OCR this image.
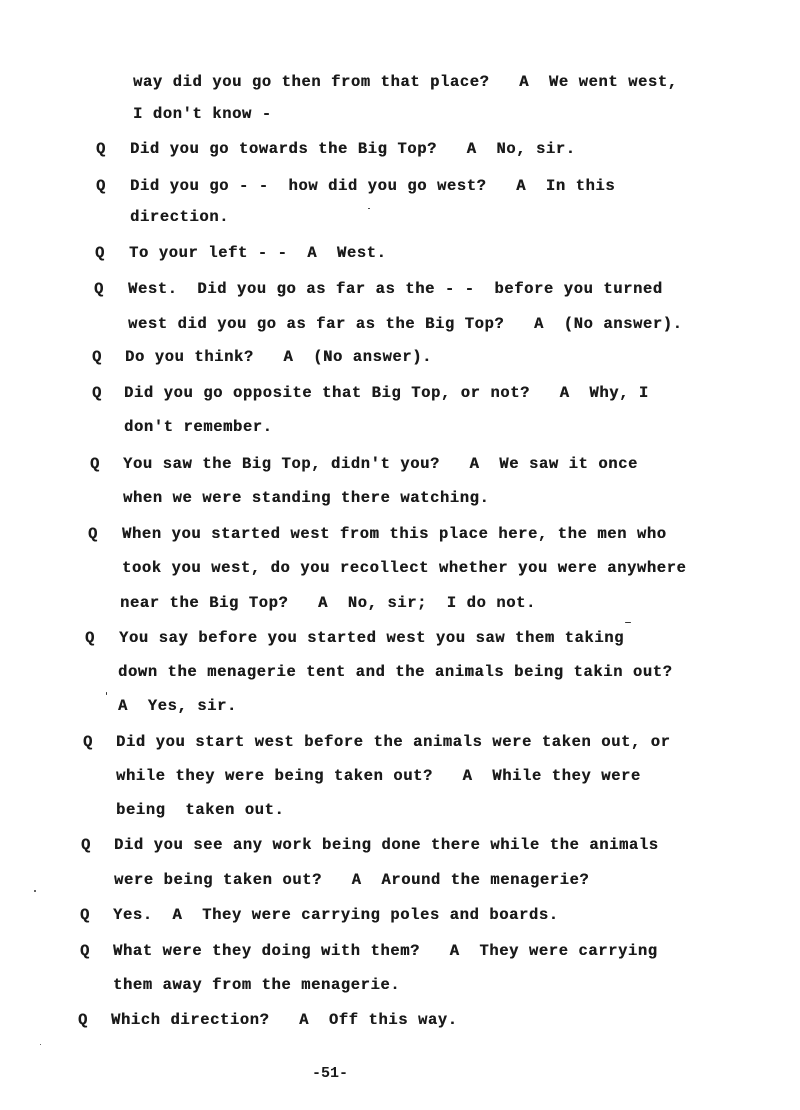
way did you go then from that place?   A  We went west,
I don't know -
Q Did you go towards the Big Top?   A  No, sir.
Q Did you go - -  how did you go west?   A  In this
direction.
Q To your left - -  A  West.
Q West.  Did you go as far as the - -  before you turned
west did you go as far as the Big Top?   A  (No answer).
Q Do you think?   A  (No answer).
Q Did you go opposite that Big Top, or not?   A  Why, I
don't remember.
Q You saw the Big Top, didn't you?   A  We saw it once
when we were standing there watching.
Q When you started west from this place here, the men who
took you west, do you recollect whether you were anywhere
near the Big Top?   A  No, sir;  I do not.
Q You say before you started west you saw them taking
down the menagerie tent and the animals being takin out?
A  Yes, sir.
Q Did you start west before the animals were taken out, or
while they were being taken out?   A  While they were
being  taken out.
Q Did you see any work being done there while the animals
were being taken out?   A  Around the menagerie?
Q Yes.  A  They were carrying poles and boards.
Q What were they doing with them?   A  They were carrying
them away from the menagerie.
Q Which direction?   A  Off this way.
-51-
